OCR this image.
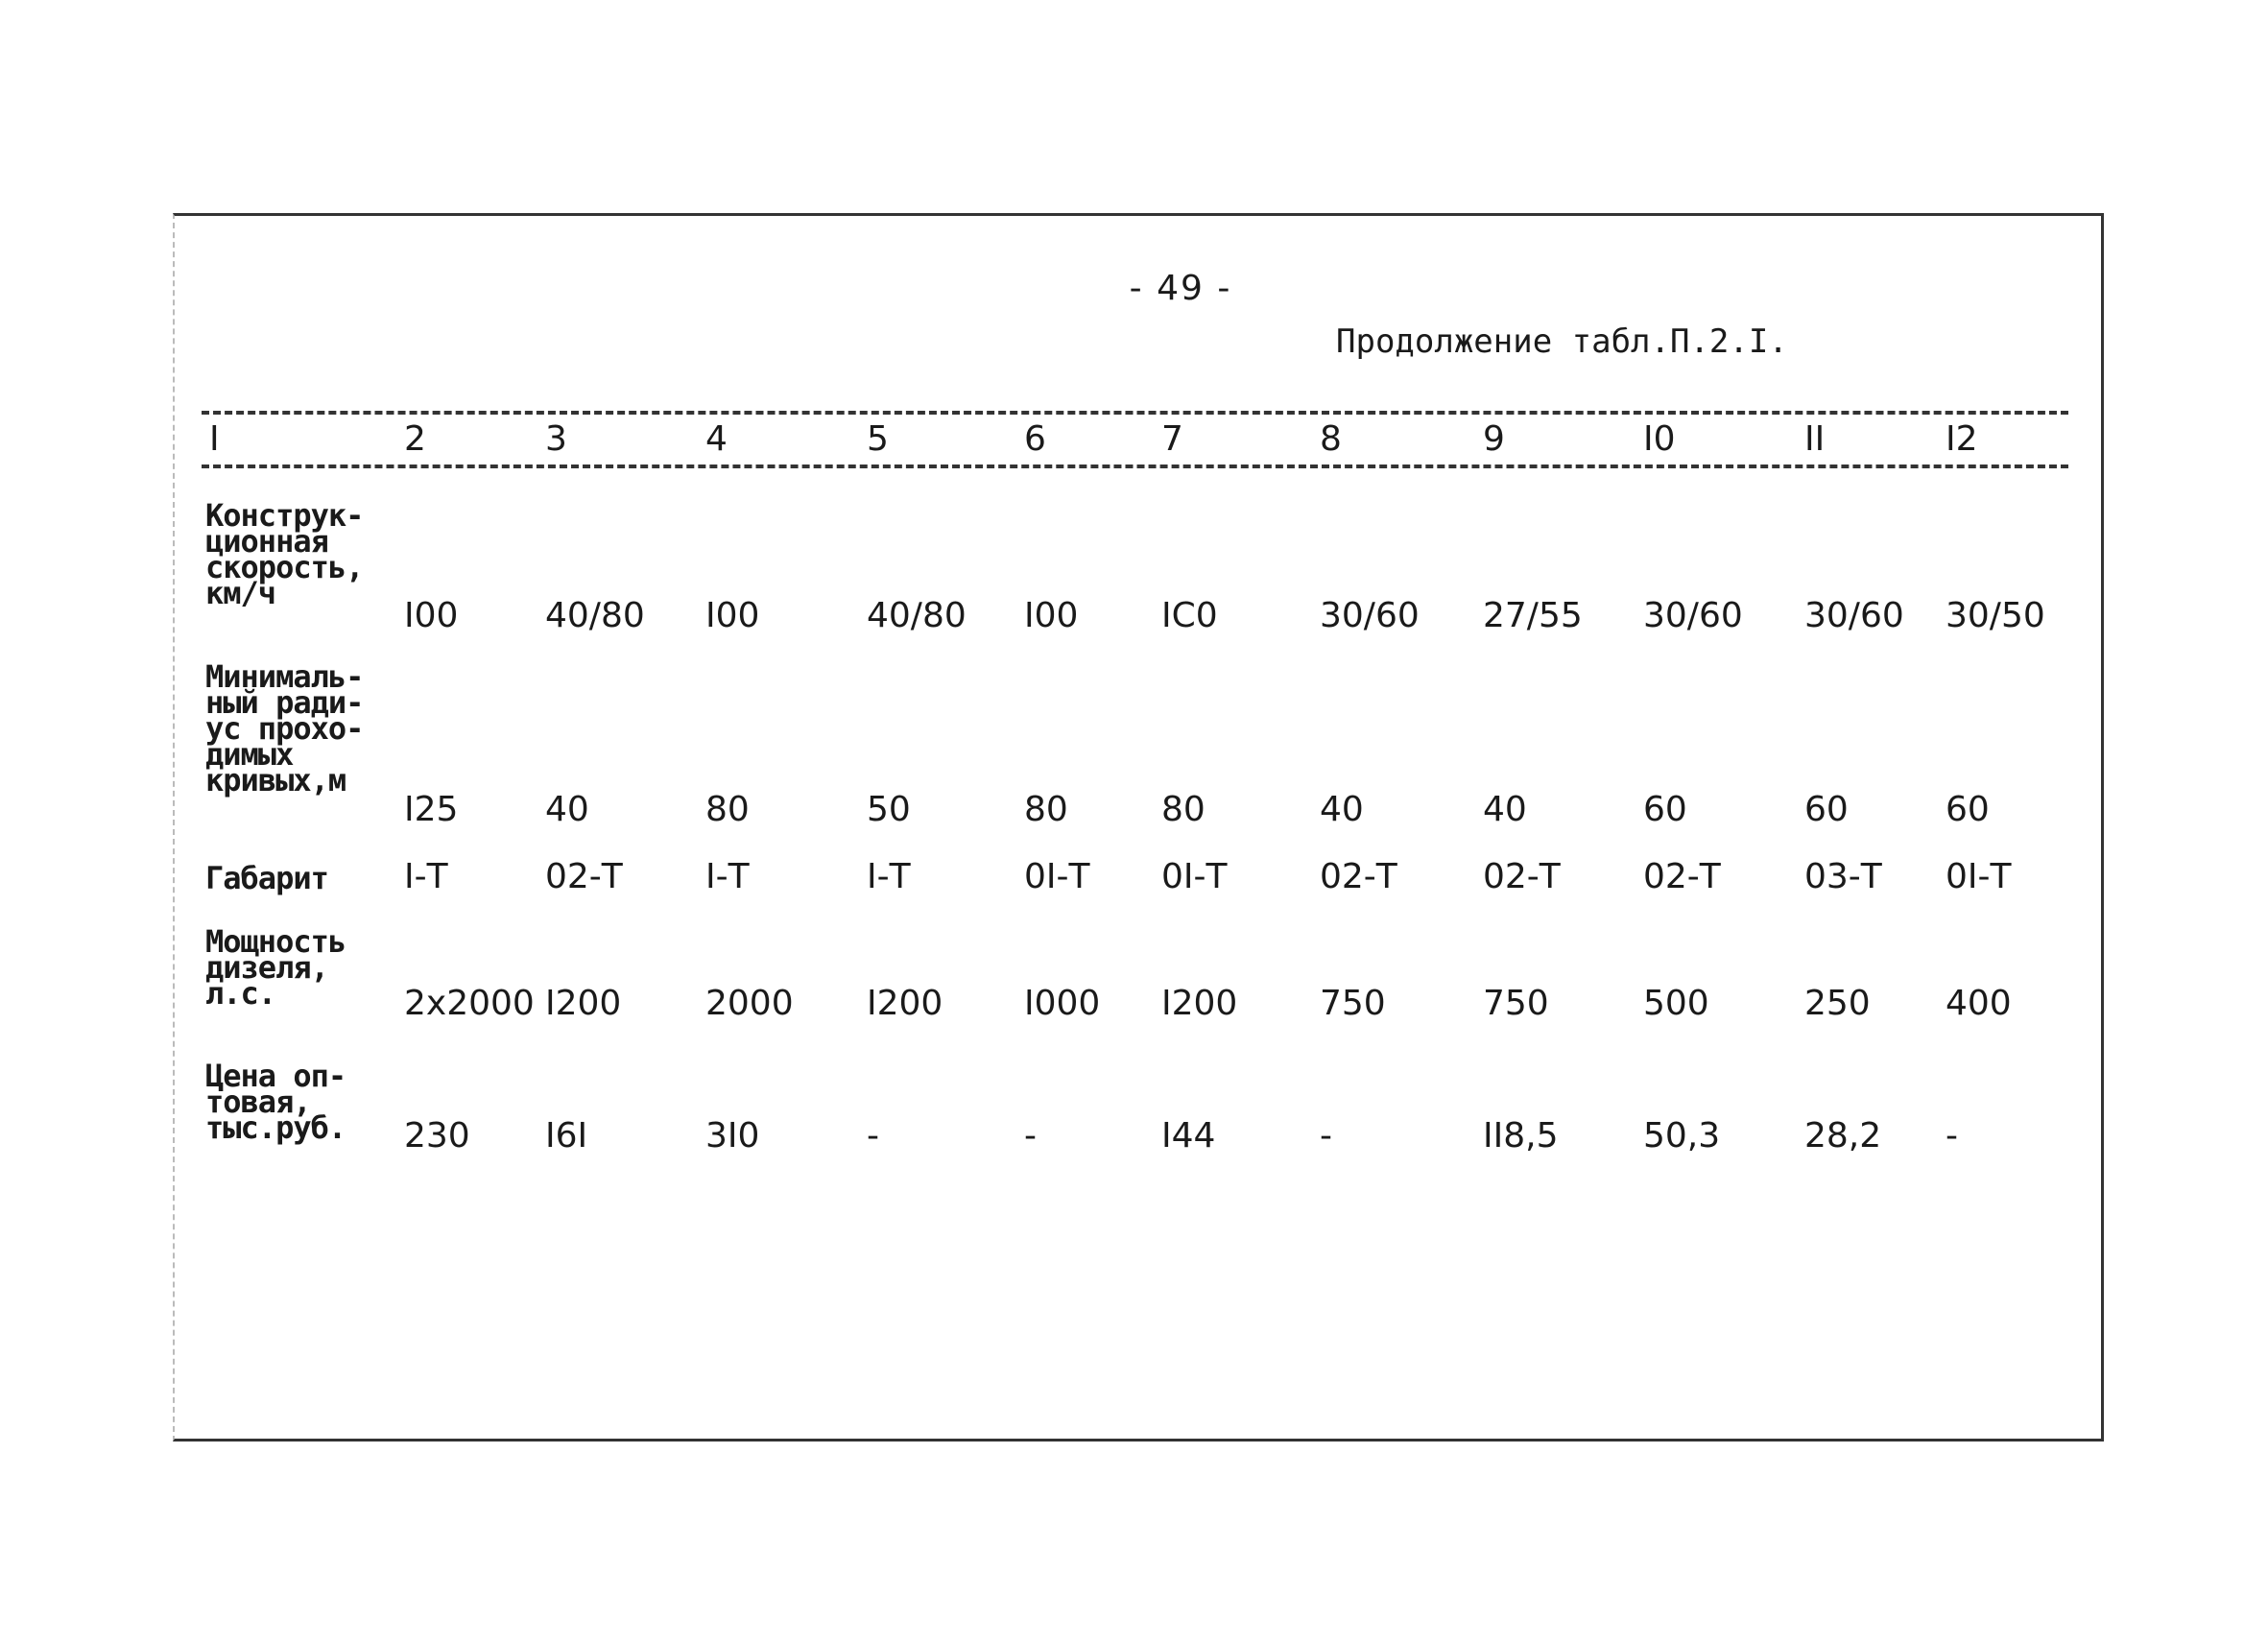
- 49 -
Продолжение табл.П.2.I.
I	2	3	4	5	6	7	8	9	I0	II	I2
Конструк-
ционная
скорость,
км/ч
I00	40/80 I00	40/80 I00 IC0	30/60 27/55 30/60 30/60 30/50
Минималь-
ный ради-
ус прохо-
димых
кривых,м
I25	40	80	50	80	80	40	40	60	60	60
Габарит I-Т	02-Т I-Т	I-Т	0I-Т 0I-Т	02-Т 02-Т 02-Т 03-Т 0I-Т
Мощность
дизеля,
л.с.	2х2000 I200 2000 I200 I000 I200 750	750	500	250 400
Цена оп-
товая,
тыс.руб. 230 I6I	3I0	-	-	I44	-	II8,5 50,3 28,2 -
